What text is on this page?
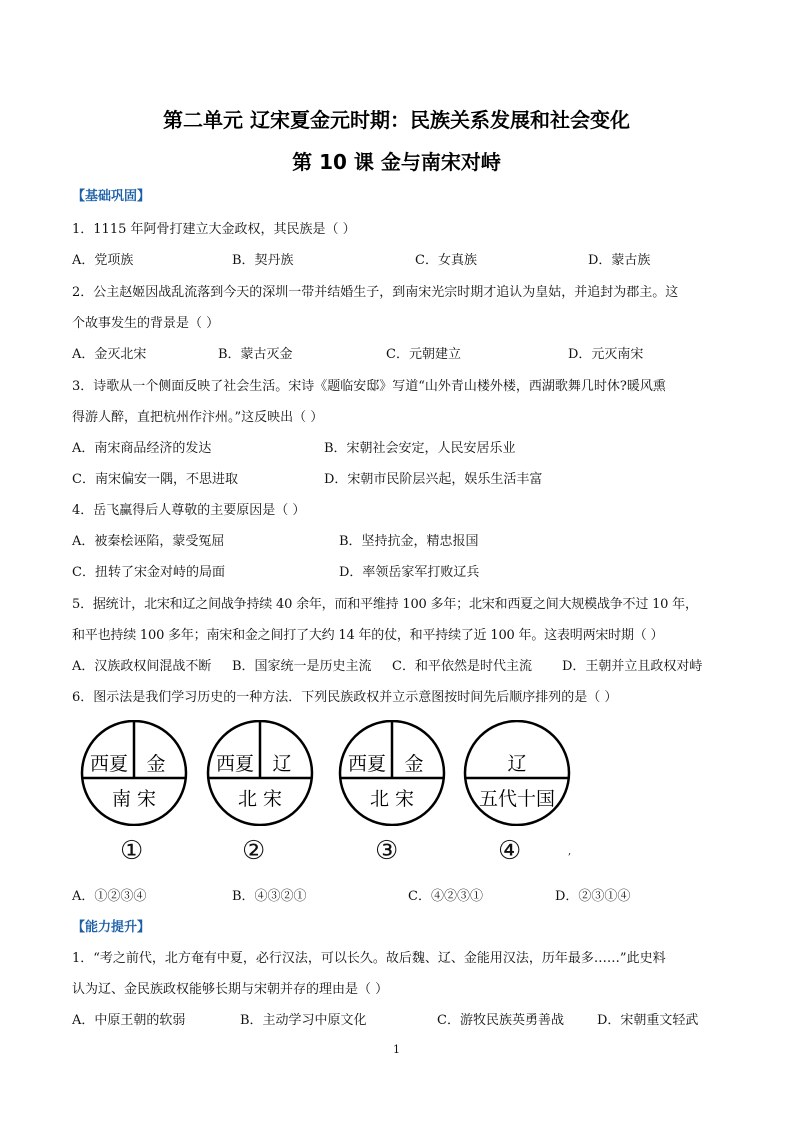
第二单元 辽宋夏金元时期：民族关系发展和社会变化
第 10 课 金与南宋对峙
【基础巩固】
1．1115 年阿骨打建立大金政权，其民族是（ ）
A．党项族	B．契丹族	C．女真族	D．蒙古族
2．公主赵姬因战乱流落到今天的深圳一带并结婚生子，到南宋光宗时期才追认为皇姑，并追封为郡主。这
个故事发生的背景是（ ）
A．金灭北宋	B．蒙古灭金	C．元朝建立	D．元灭南宋
3．诗歌从一个侧面反映了社会生活。宋诗《题临安邸》写道“山外青山楼外楼，西湖歌舞几时休?暖风熏
得游人醉，直把杭州作汴州。”这反映出（ ）
A．南宋商品经济的发达	B．宋朝社会安定，人民安居乐业
C．南宋偏安一隅，不思进取	D．宋朝市民阶层兴起，娱乐生活丰富
4．岳飞赢得后人尊敬的主要原因是（ ）
A．被秦桧诬陷，蒙受冤屈	B．坚持抗金，精忠报国
C．扭转了宋金对峙的局面	D．率领岳家军打败辽兵
5．据统计，北宋和辽之间战争持续 40 余年，而和平维持 100 多年；北宋和西夏之间大规模战争不过 10 年，
和平也持续 100 多年；南宋和金之间打了大约 14 年的仗，和平持续了近 100 年。这表明两宋时期（ ）
A．汉族政权间混战不断 B．国家统一是历史主流 C．和平依然是时代主流 D．王朝并立且政权对峙
6．图示法是我们学习历史的一种方法．下列民族政权并立示意图按时间先后顺序排列的是（ ）
西夏 金
南 宋
①
西夏 辽
北 宋
②
西夏 金
北 宋
③
辽
五代十国
④	,
A．①②③④	B．④③②①	C．④②③①	D．②③①④
【能力提升】
1．“考之前代，北方奄有中夏，必行汉法，可以长久。故后魏、辽、金能用汉法，历年最多……”此史料
认为辽、金民族政权能够长期与宋朝并存的理由是（ ）
A．中原王朝的软弱	B．主动学习中原文化	C．游牧民族英勇善战	D．宋朝重文轻武
1
